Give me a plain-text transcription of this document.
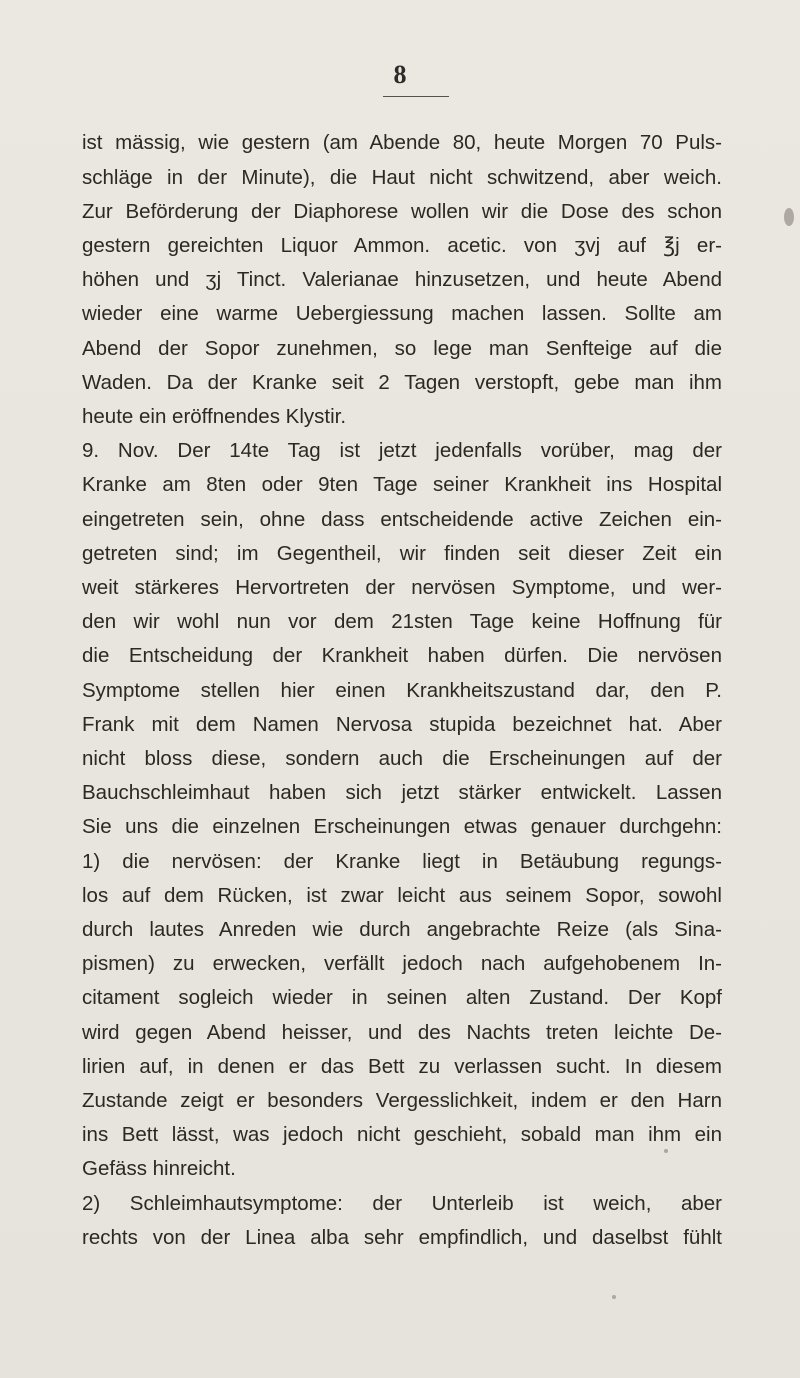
8
ist mässig, wie gestern (am Abende 80, heute Morgen 70 Puls-
schläge in der Minute), die Haut nicht schwitzend, aber weich.
Zur Beförderung der Diaphorese wollen wir die Dose des schon
gestern gereichten Liquor Ammon. acetic. von ʒvj auf ℥j er-
höhen und ʒj Tinct. Valerianae hinzusetzen, und heute Abend
wieder eine warme Uebergiessung machen lassen. Sollte am
Abend der Sopor zunehmen, so lege man Senfteige auf die
Waden. Da der Kranke seit 2 Tagen verstopft, gebe man ihm
heute ein eröffnendes Klystir.
9. Nov. Der 14te Tag ist jetzt jedenfalls vorüber, mag der
Kranke am 8ten oder 9ten Tage seiner Krankheit ins Hospital
eingetreten sein, ohne dass entscheidende active Zeichen ein-
getreten sind; im Gegentheil, wir finden seit dieser Zeit ein
weit stärkeres Hervortreten der nervösen Symptome, und wer-
den wir wohl nun vor dem 21sten Tage keine Hoffnung für
die Entscheidung der Krankheit haben dürfen. Die nervösen
Symptome stellen hier einen Krankheitszustand dar, den P.
Frank mit dem Namen Nervosa stupida bezeichnet hat. Aber
nicht bloss diese, sondern auch die Erscheinungen auf der
Bauchschleimhaut haben sich jetzt stärker entwickelt. Lassen
Sie uns die einzelnen Erscheinungen etwas genauer durchgehn:
1) die nervösen: der Kranke liegt in Betäubung regungs-
los auf dem Rücken, ist zwar leicht aus seinem Sopor, sowohl
durch lautes Anreden wie durch angebrachte Reize (als Sina-
pismen) zu erwecken, verfällt jedoch nach aufgehobenem In-
citament sogleich wieder in seinen alten Zustand. Der Kopf
wird gegen Abend heisser, und des Nachts treten leichte De-
lirien auf, in denen er das Bett zu verlassen sucht. In diesem
Zustande zeigt er besonders Vergesslichkeit, indem er den Harn
ins Bett lässt, was jedoch nicht geschieht, sobald man ihm ein
Gefäss hinreicht.
2) Schleimhautsymptome: der Unterleib ist weich, aber
rechts von der Linea alba sehr empfindlich, und daselbst fühlt
